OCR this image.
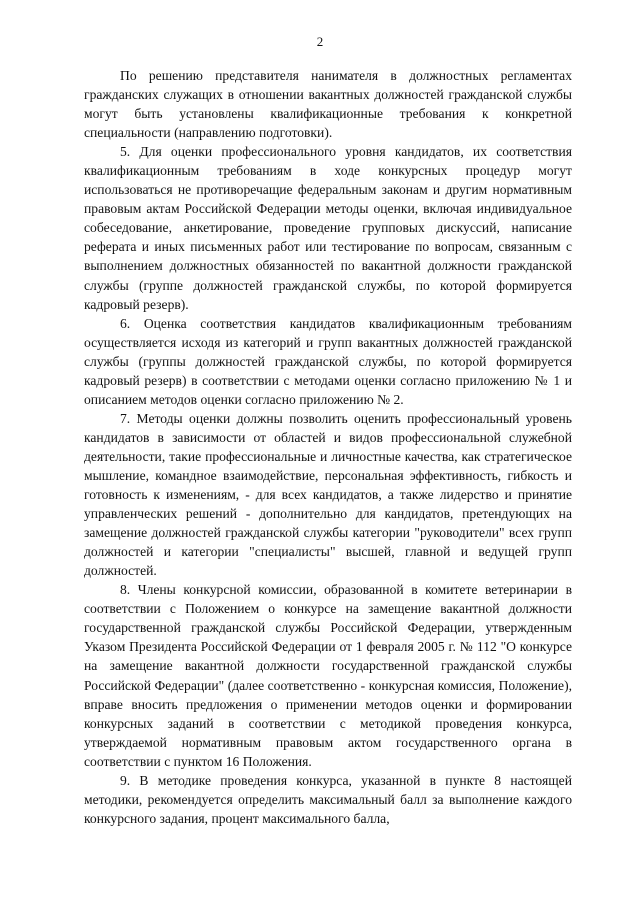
2

По решению представителя нанимателя в должностных регламентах гражданских служащих в отношении вакантных должностей гражданской службы могут быть установлены квалификационные требования к конкретной специальности (направлению подготовки).

5. Для оценки профессионального уровня кандидатов, их соответствия квалификационным требованиям в ходе конкурсных процедур могут использоваться не противоречащие федеральным законам и другим нормативным правовым актам Российской Федерации методы оценки, включая индивидуальное собеседование, анкетирование, проведение групповых дискуссий, написание реферата и иных письменных работ или тестирование по вопросам, связанным с выполнением должностных обязанностей по вакантной должности гражданской службы (группе должностей гражданской службы, по которой формируется кадровый резерв).

6. Оценка соответствия кандидатов квалификационным требованиям осуществляется исходя из категорий и групп вакантных должностей гражданской службы (группы должностей гражданской службы, по которой формируется кадровый резерв) в соответствии с методами оценки согласно приложению № 1 и описанием методов оценки согласно приложению № 2.

7. Методы оценки должны позволить оценить профессиональный уровень кандидатов в зависимости от областей и видов профессиональной служебной деятельности, такие профессиональные и личностные качества, как стратегическое мышление, командное взаимодействие, персональная эффективность, гибкость и готовность к изменениям, - для всех кандидатов, а также лидерство и принятие управленческих решений - дополнительно для кандидатов, претендующих на замещение должностей гражданской службы категории "руководители" всех групп должностей и категории "специалисты" высшей, главной и ведущей групп должностей.

8. Члены конкурсной комиссии, образованной в комитете ветеринарии в соответствии с Положением о конкурсе на замещение вакантной должности государственной гражданской службы Российской Федерации, утвержденным Указом Президента Российской Федерации от 1 февраля 2005 г. № 112 "О конкурсе на замещение вакантной должности государственной гражданской службы Российской Федерации" (далее соответственно - конкурсная комиссия, Положение), вправе вносить предложения о применении методов оценки и формировании конкурсных заданий в соответствии с методикой проведения конкурса, утверждаемой нормативным правовым актом государственного органа в соответствии с пунктом 16 Положения.

9. В методике проведения конкурса, указанной в пункте 8 настоящей методики, рекомендуется определить максимальный балл за выполнение каждого конкурсного задания, процент максимального балла,
